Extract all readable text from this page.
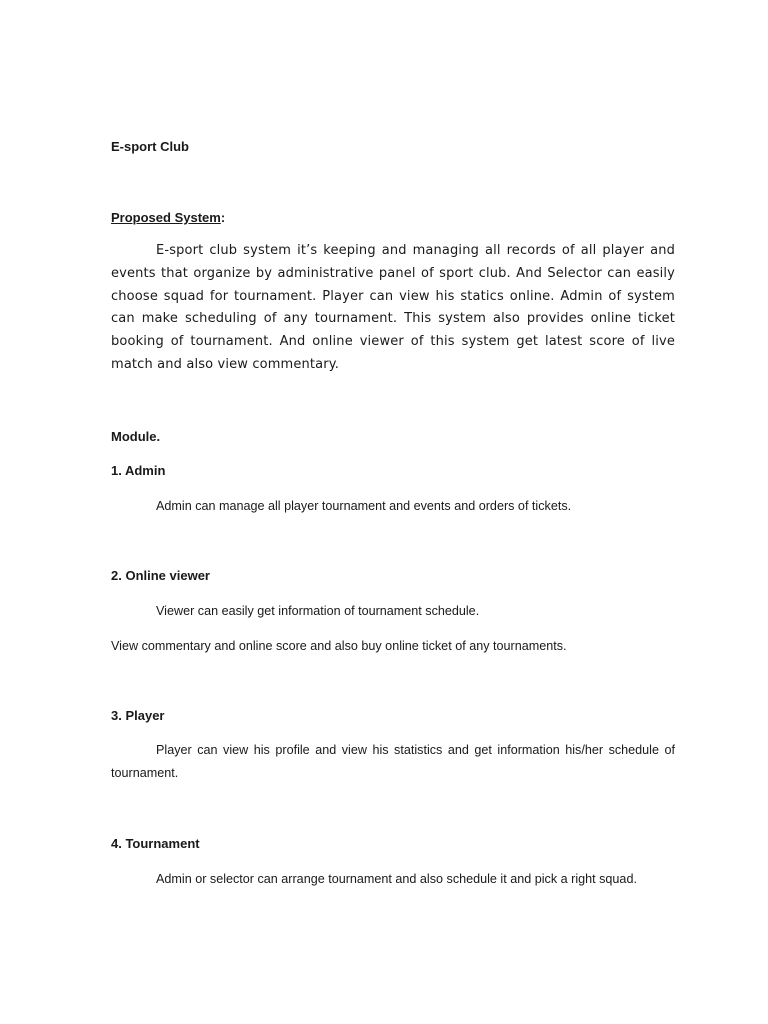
E-sport Club
Proposed System:

E-sport club system it’s keeping and managing all records of all player and events that organize by administrative panel of sport club. And Selector can easily choose squad for tournament. Player can view his statics online. Admin of system can make scheduling of any tournament. This system also provides online ticket booking of tournament. And online viewer of this system get latest score of live match and also view commentary.

Module.
1. Admin

Admin can manage all player tournament and events and orders of tickets.

2. Online viewer

Viewer can easily get information of tournament schedule.

View commentary and online score and also buy online ticket of any tournaments.

3. Player

Player can view his profile and view his statistics and get information his/her schedule of tournament.

4. Tournament

Admin or selector can arrange tournament and also schedule it and pick a right squad.
